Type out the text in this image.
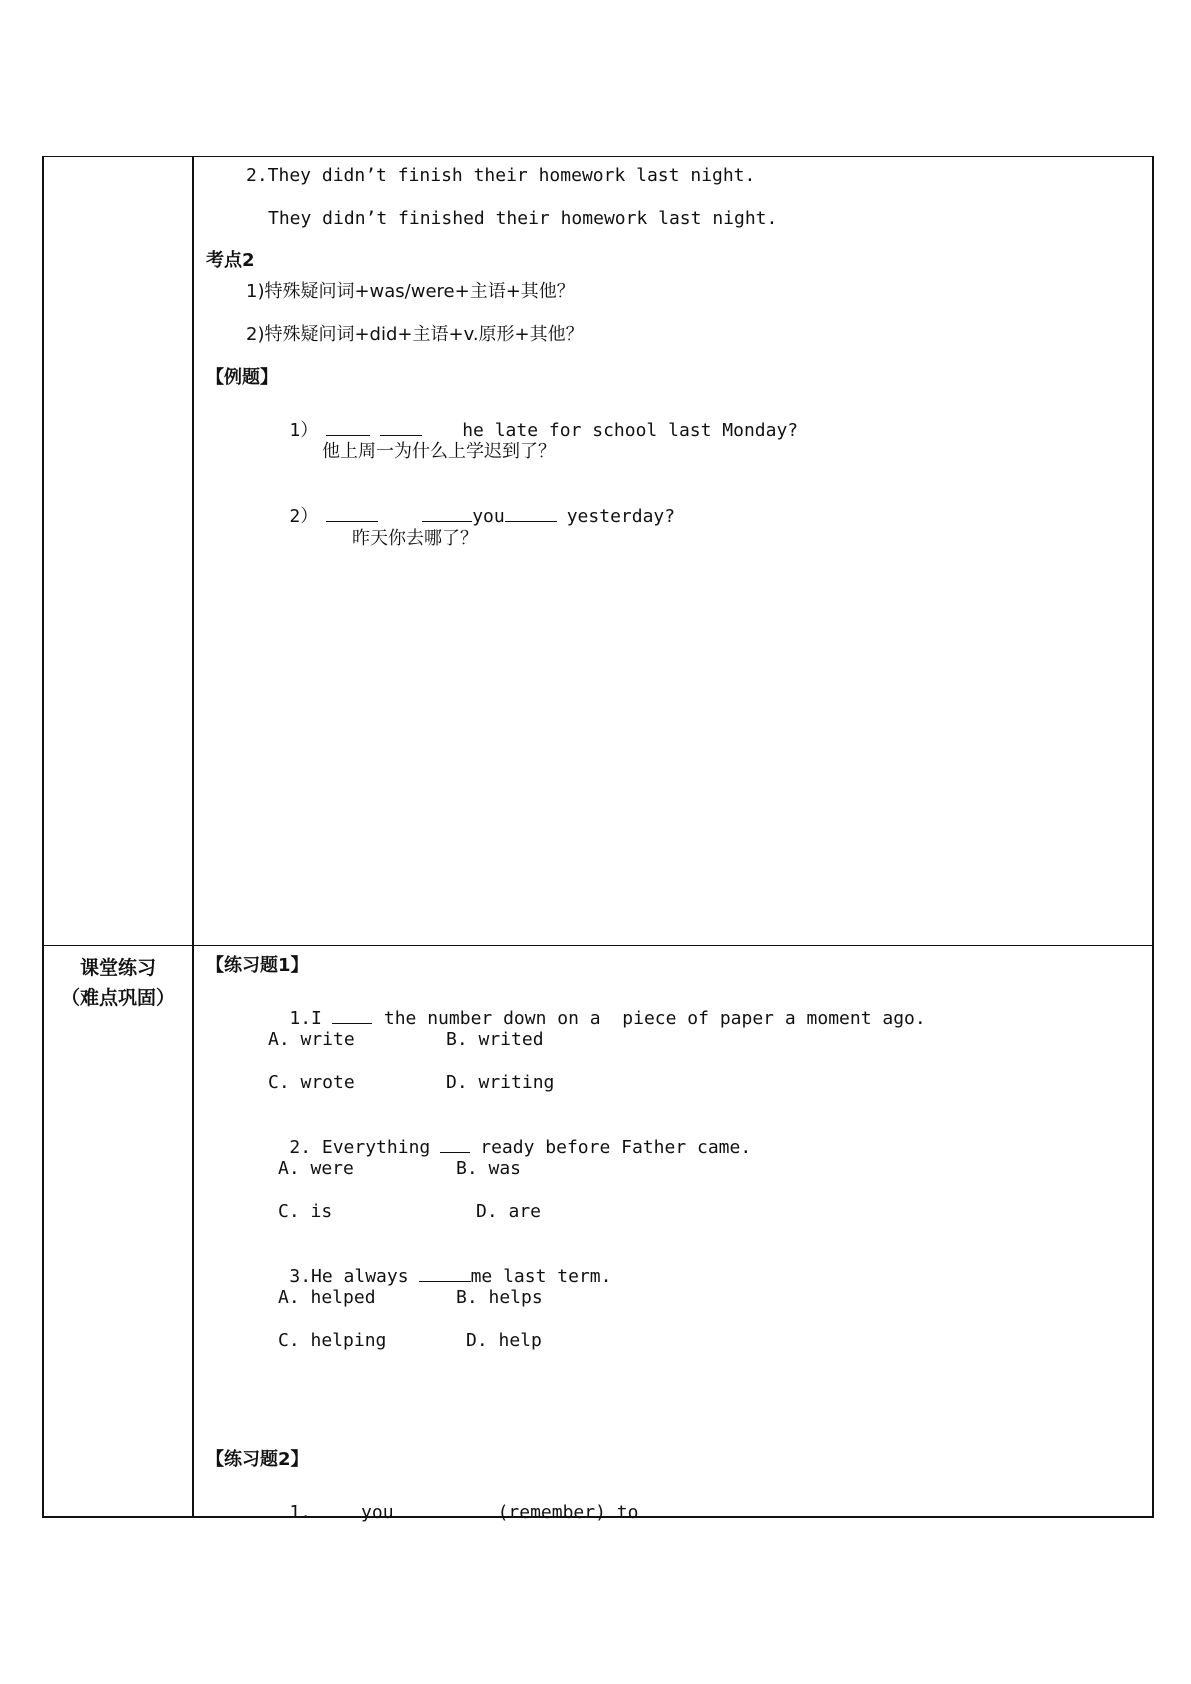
2.They didn’t finish their homework last night.
They didn’t finished their homework last night.
考点2
1)特殊疑问词+was/were+主语+其他？
2)特殊疑问词+did+主语+v.原形+其他？
【例题】

1）	he late for school last Monday?

他上周一为什么上学迟到了？

2）	you	yesterday?

昨天你去哪了？
课堂练习
（难点巩固）
【练习题1】

1.I	the number down on a  piece of paper a moment ago.

A. write	B. writed
C. wrote	D. writing

2. Everything	ready before Father came.

A. were	B. was
C. is	D. are

3.He always	me last term.

A. helped	B. helps
C. helping	D. help
【练习题2】

1.	you	(remember) to
